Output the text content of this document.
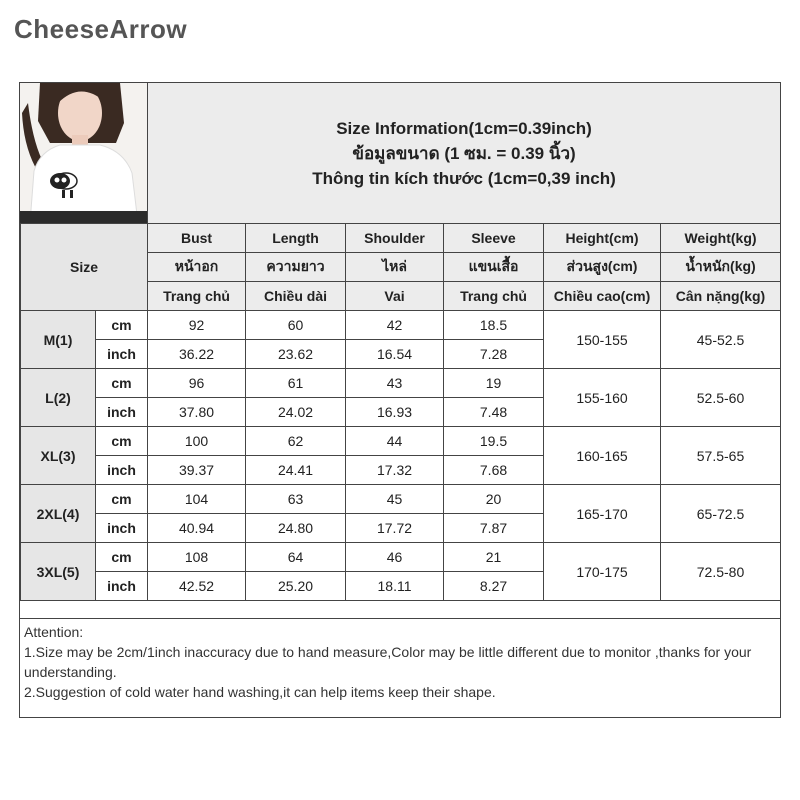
CheeseArrow
Size Information(1cm=0.39inch)
ข้อมูลขนาด (1 ซม. = 0.39 นิ้ว)
Thông tin kích thước (1cm=0,39 inch)
Size		Bust	Length	Shoulder	Sleeve	Height(cm)	Weight(kg)
		หน้าอก	ความยาว	ไหล่	แขนเสื้อ	ส่วนสูง(cm)	น้ำหนัก(kg)
		Trang chủ	Chiều dài	Vai	Trang chủ	Chiều cao(cm)	Cân nặng(kg)
M(1)	cm	92	60	42	18.5	150-155	45-52.5
	inch	36.22	23.62	16.54	7.28		
L(2)	cm	96	61	43	19	155-160	52.5-60
	inch	37.80	24.02	16.93	7.48		
XL(3)	cm	100	62	44	19.5	160-165	57.5-65
	inch	39.37	24.41	17.32	7.68		
2XL(4)	cm	104	63	45	20	165-170	65-72.5
	inch	40.94	24.80	17.72	7.87		
3XL(5)	cm	108	64	46	21	170-175	72.5-80
	inch	42.52	25.20	18.11	8.27		
Attention:
1.Size may be 2cm/1inch inaccuracy due to hand measure,Color may be little different due to monitor ,thanks for your understanding.
2.Suggestion of cold water hand washing,it can help items keep their shape.
